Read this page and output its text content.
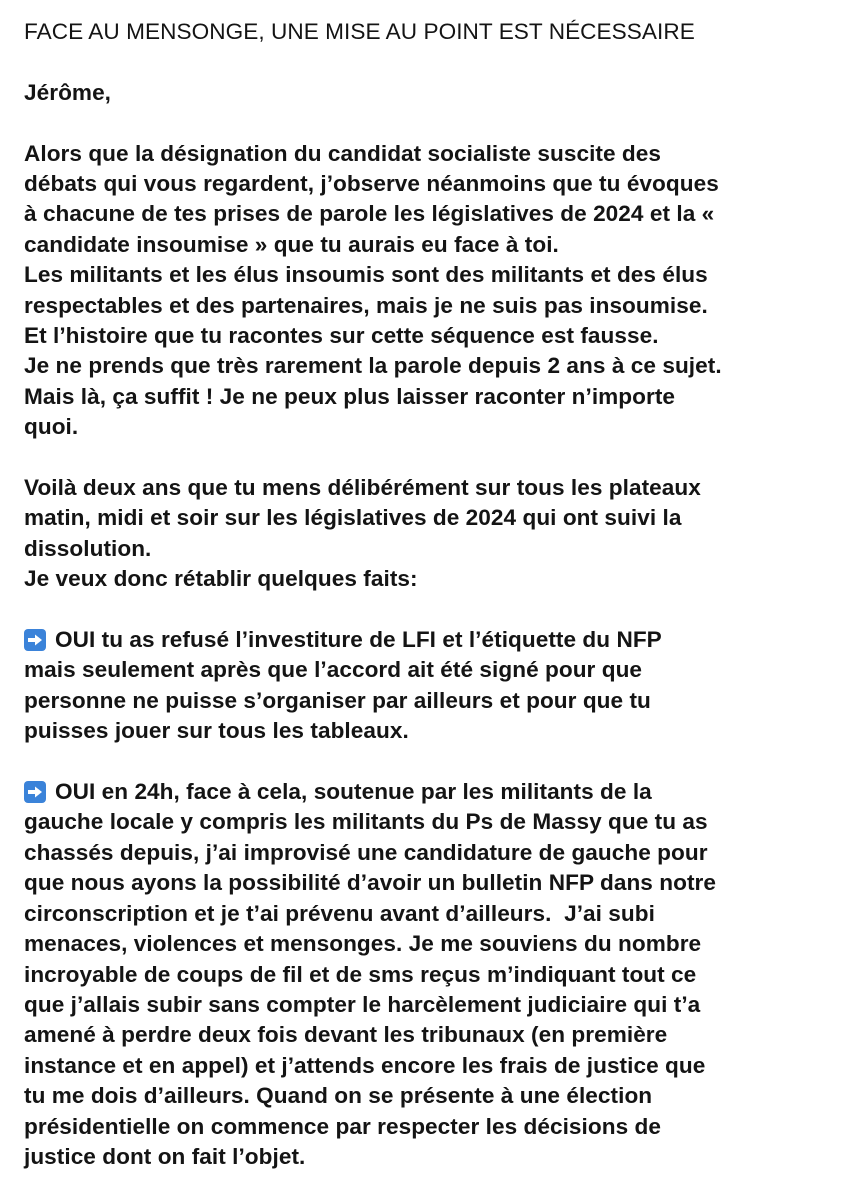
FACE AU MENSONGE, UNE MISE AU POINT EST NÉCESSAIRE
Jérôme,
Alors que la désignation du candidat socialiste suscite des
débats qui vous regardent, j’observe néanmoins que tu évoques
à chacune de tes prises de parole les législatives de 2024 et la «
candidate insoumise » que tu aurais eu face à toi.
Les militants et les élus insoumis sont des militants et des élus
respectables et des partenaires, mais je ne suis pas insoumise.
Et l’histoire que tu racontes sur cette séquence est fausse.
Je ne prends que très rarement la parole depuis 2 ans à ce sujet.
Mais là, ça suffit ! Je ne peux plus laisser raconter n’importe
quoi.
Voilà deux ans que tu mens délibérément sur tous les plateaux
matin, midi et soir sur les législatives de 2024 qui ont suivi la
dissolution.
Je veux donc rétablir quelques faits:
OUI tu as refusé l’investiture de LFI et l’étiquette du NFP
mais seulement après que l’accord ait été signé pour que
personne ne puisse s’organiser par ailleurs et pour que tu
puisses jouer sur tous les tableaux.
OUI en 24h, face à cela, soutenue par les militants de la
gauche locale y compris les militants du Ps de Massy que tu as
chassés depuis, j’ai improvisé une candidature de gauche pour
que nous ayons la possibilité d’avoir un bulletin NFP dans notre
circonscription et je t’ai prévenu avant d’ailleurs.  J’ai subi
menaces, violences et mensonges. Je me souviens du nombre
incroyable de coups de fil et de sms reçus m’indiquant tout ce
que j’allais subir sans compter le harcèlement judiciaire qui t’a
amené à perdre deux fois devant les tribunaux (en première
instance et en appel) et j’attends encore les frais de justice que
tu me dois d’ailleurs. Quand on se présente à une élection
présidentielle on commence par respecter les décisions de
justice dont on fait l’objet.
